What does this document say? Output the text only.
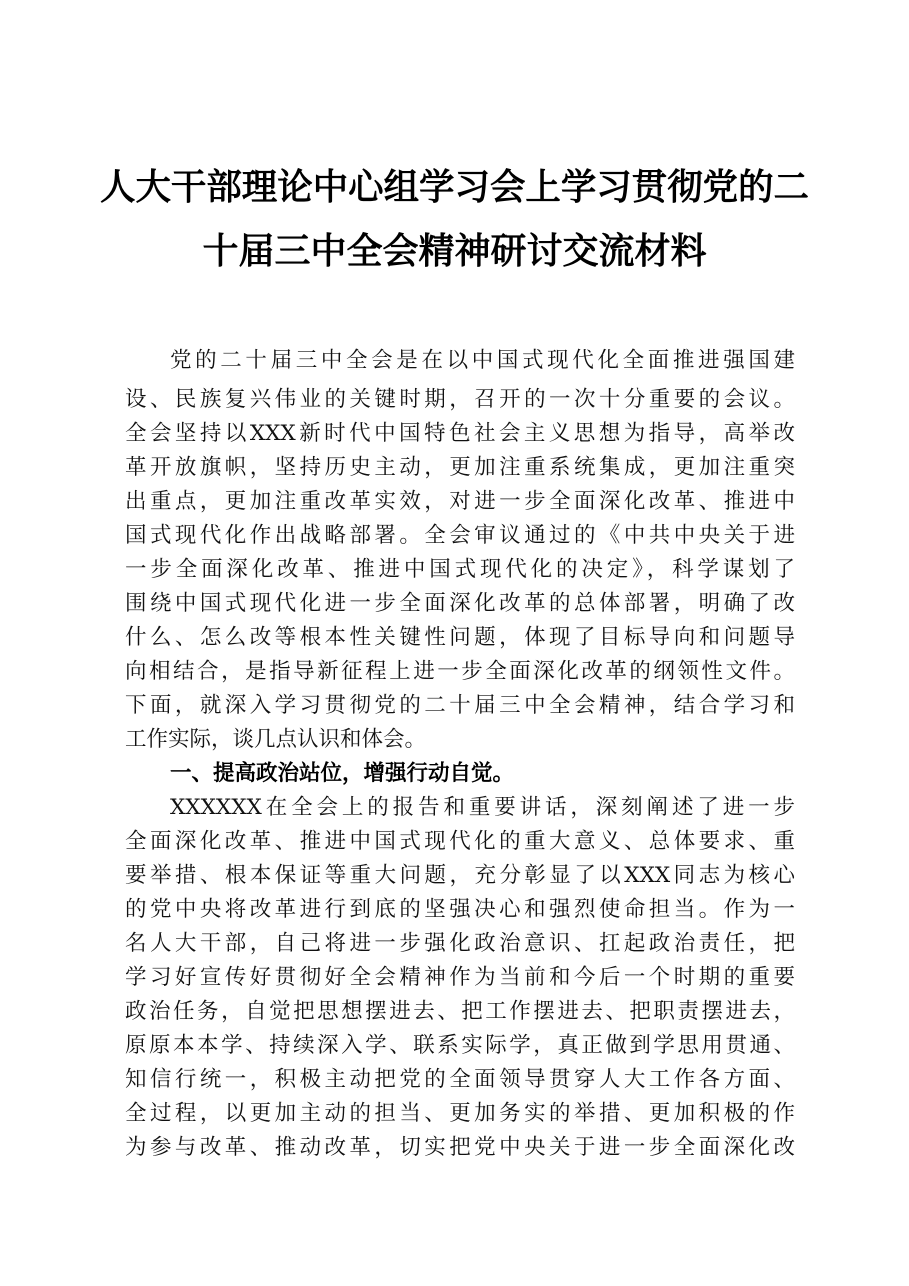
人大干部理论中心组学习会上学习贯彻党的二
十届三中全会精神研讨交流材料
党的二十届三中全会是在以中国式现代化全面推进强国建
设、民族复兴伟业的关键时期，召开的一次十分重要的会议。
全会坚持以XXX新时代中国特色社会主义思想为指导，高举改
革开放旗帜，坚持历史主动，更加注重系统集成，更加注重突
出重点，更加注重改革实效，对进一步全面深化改革、推进中
国式现代化作出战略部署。全会审议通过的《中共中央关于进
一步全面深化改革、推进中国式现代化的决定》，科学谋划了
围绕中国式现代化进一步全面深化改革的总体部署，明确了改
什么、怎么改等根本性关键性问题，体现了目标导向和问题导
向相结合，是指导新征程上进一步全面深化改革的纲领性文件。
下面，就深入学习贯彻党的二十届三中全会精神，结合学习和
工作实际，谈几点认识和体会。
一、提高政治站位，增强行动自觉。
XXXXXX在全会上的报告和重要讲话，深刻阐述了进一步
全面深化改革、推进中国式现代化的重大意义、总体要求、重
要举措、根本保证等重大问题，充分彰显了以XXX同志为核心
的党中央将改革进行到底的坚强决心和强烈使命担当。作为一
名人大干部，自己将进一步强化政治意识、扛起政治责任，把
学习好宣传好贯彻好全会精神作为当前和今后一个时期的重要
政治任务，自觉把思想摆进去、把工作摆进去、把职责摆进去，
原原本本学、持续深入学、联系实际学，真正做到学思用贯通、
知信行统一，积极主动把党的全面领导贯穿人大工作各方面、
全过程，以更加主动的担当、更加务实的举措、更加积极的作
为参与改革、推动改革，切实把党中央关于进一步全面深化改
